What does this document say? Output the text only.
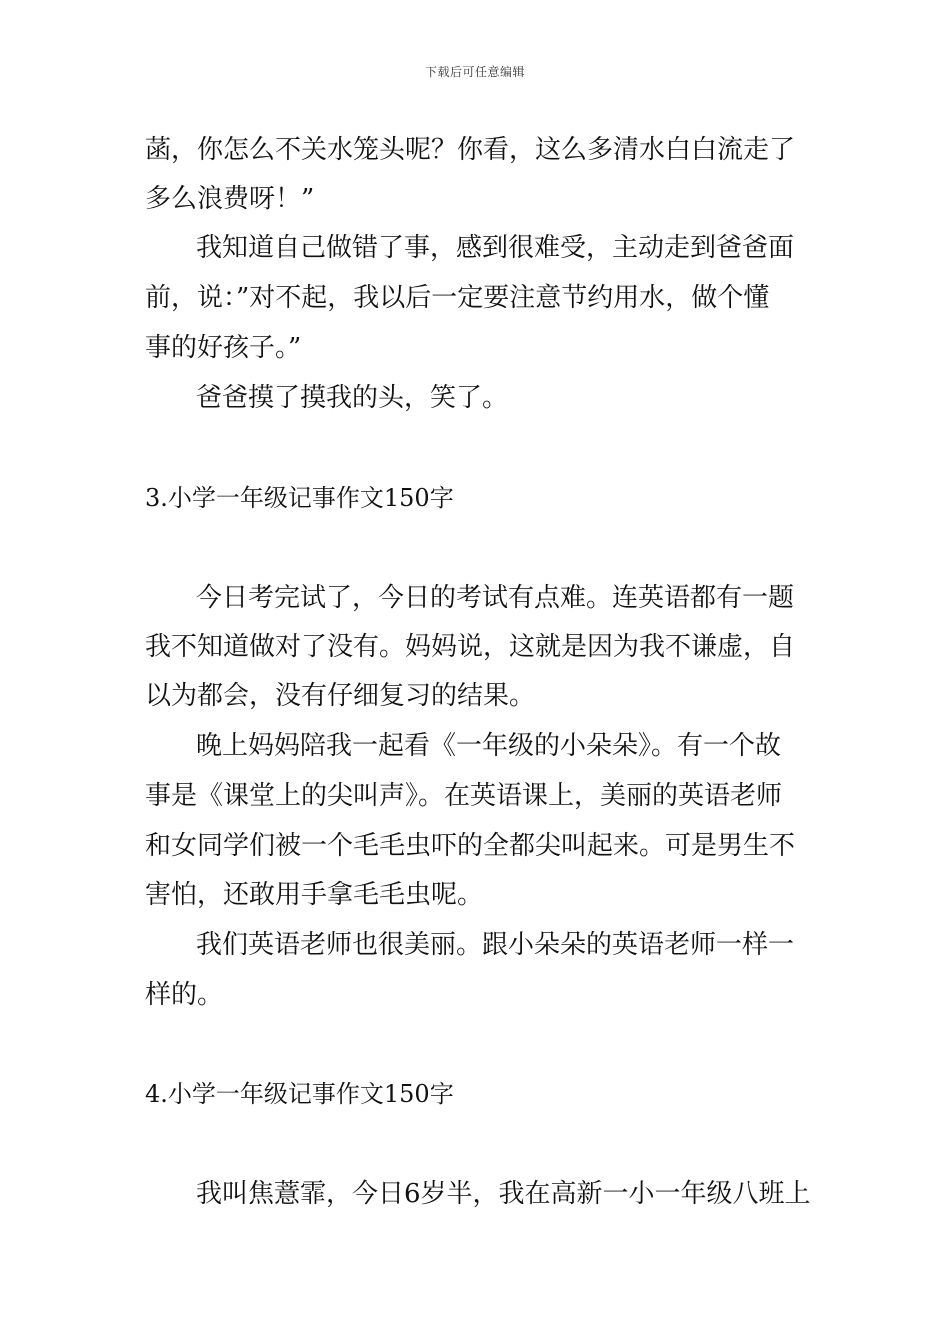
下载后可任意编辑
菡，你怎么不关水笼头呢？你看，这么多清水白白流走了
多么浪费呀！”
我知道自己做错了事，感到很难受，主动走到爸爸面
前，说：”对不起，我以后一定要注意节约用水，做个懂
事的好孩子。”
爸爸摸了摸我的头，笑了。
3.小学一年级记事作文150字
今日考完试了，今日的考试有点难。连英语都有一题
我不知道做对了没有。妈妈说，这就是因为我不谦虚，自
以为都会，没有仔细复习的结果。
晚上妈妈陪我一起看《一年级的小朵朵》。有一个故
事是《课堂上的尖叫声》。在英语课上，美丽的英语老师
和女同学们被一个毛毛虫吓的全都尖叫起来。可是男生不
害怕，还敢用手拿毛毛虫呢。
我们英语老师也很美丽。跟小朵朵的英语老师一样一
样的。
4.小学一年级记事作文150字
我叫焦薏霏，今日6岁半，我在高新一小一年级八班上
